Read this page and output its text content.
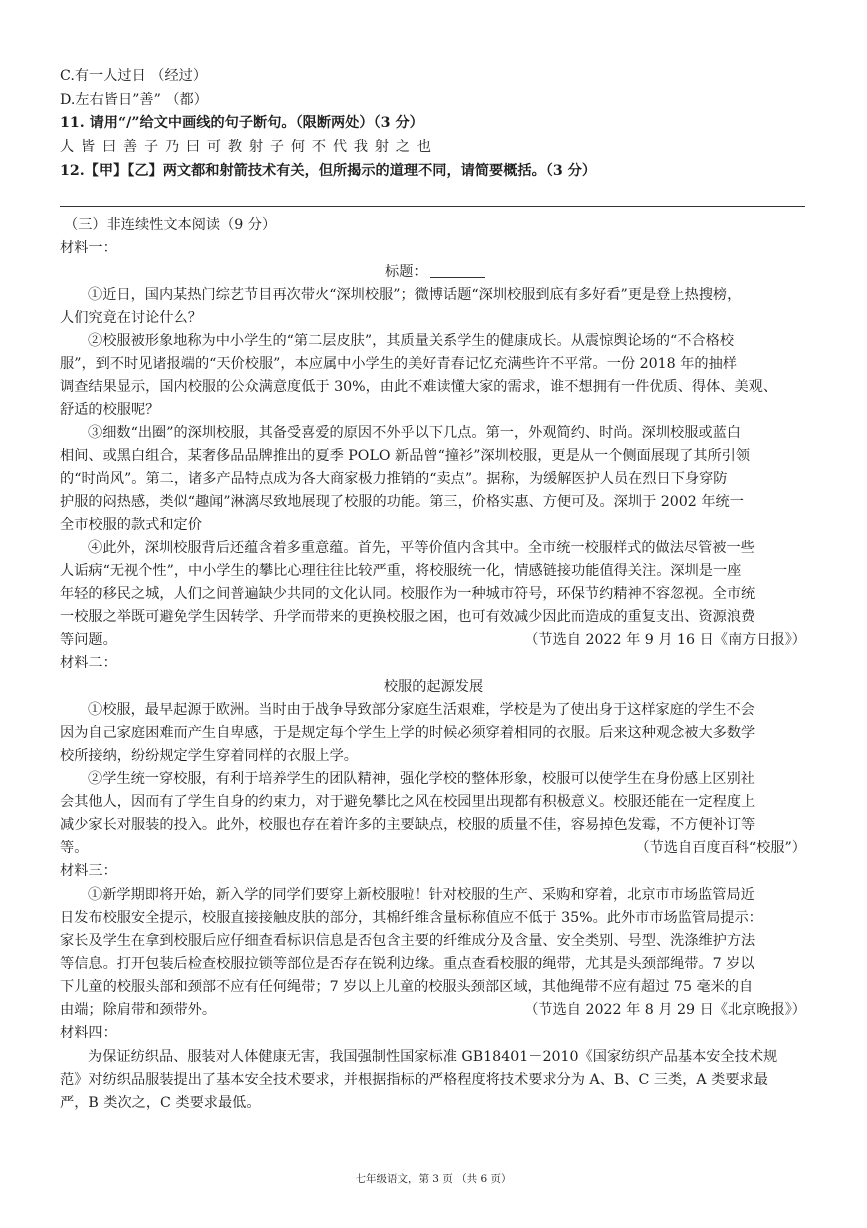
C.有一人过日 （经过）
D.左右皆日”善” （都）
11. 请用“/”给文中画线的句子断句。（限断两处）（3 分）
人皆曰善子乃曰可教射子何不代我射之也
12.【甲】【乙】两文都和射箭技术有关，但所揭示的道理不同，请简要概括。（3 分）
（三）非连续性文本阅读（9 分）
材料一：
标题：
①近日，国内某热门综艺节目再次带火“深圳校服”；微博话题“深圳校服到底有多好看”更是登上热搜榜，
人们究竟在讨论什么？
②校服被形象地称为中小学生的“第二层皮肤”，其质量关系学生的健康成长。从震惊舆论场的“不合格校
服”，到不时见诸报端的“天价校服”，本应属中小学生的美好青春记忆充满些许不平常。一份 2018 年的抽样
调查结果显示，国内校服的公众满意度低于 30%，由此不难读懂大家的需求，谁不想拥有一件优质、得体、美观、
舒适的校服呢？
③细数“出圈”的深圳校服，其备受喜爱的原因不外乎以下几点。第一，外观简约、时尚。深圳校服或蓝白
相间、或黑白组合，某奢侈品品牌推出的夏季 POLO 新品曾“撞衫”深圳校服，更是从一个侧面展现了其所引领
的“时尚风”。第二，诸多产品特点成为各大商家极力推销的“卖点”。据称，为缓解医护人员在烈日下身穿防
护服的闷热感，类似“趣闻”淋漓尽致地展现了校服的功能。第三，价格实惠、方便可及。深圳于 2002 年统一
全市校服的款式和定价
④此外，深圳校服背后还蕴含着多重意蕴。首先，平等价值内含其中。全市统一校服样式的做法尽管被一些
人诟病“无视个性”，中小学生的攀比心理往往比较严重，将校服统一化，情感链接功能值得关注。深圳是一座
年轻的移民之城，人们之间普遍缺少共同的文化认同。校服作为一种城市符号，环保节约精神不容忽视。全市统
一校服之举既可避免学生因转学、升学而带来的更换校服之困，也可有效减少因此而造成的重复支出、资源浪费
等问题。	（节选自 2022 年 9 月 16 日《南方日报》）
材料二：
校服的起源发展
①校服，最早起源于欧洲。当时由于战争导致部分家庭生活艰难，学校是为了使出身于这样家庭的学生不会
因为自己家庭困难而产生自卑感，于是规定每个学生上学的时候必须穿着相同的衣服。后来这种观念被大多数学
校所接纳，纷纷规定学生穿着同样的衣服上学。
②学生统一穿校服，有利于培养学生的团队精神，强化学校的整体形象，校服可以使学生在身份感上区别社
会其他人，因而有了学生自身的约束力，对于避免攀比之风在校园里出现都有积极意义。校服还能在一定程度上
减少家长对服装的投入。此外，校服也存在着许多的主要缺点，校服的质量不佳，容易掉色发霉，不方便补订等
等。	（节选自百度百科“校服”）
材料三：
①新学期即将开始，新入学的同学们要穿上新校服啦！针对校服的生产、采购和穿着，北京市市场监管局近
日发布校服安全提示，校服直接接触皮肤的部分，其棉纤维含量标称值应不低于 35%。此外市市场监管局提示：
家长及学生在拿到校服后应仔细查看标识信息是否包含主要的纤维成分及含量、安全类别、号型、洗涤维护方法
等信息。打开包装后检查校服拉锁等部位是否存在锐利边缘。重点查看校服的绳带，尤其是头颈部绳带。7 岁以
下儿童的校服头部和颈部不应有任何绳带；7 岁以上儿童的校服头颈部区域，其他绳带不应有超过 75 毫米的自
由端；除肩带和颈带外。	（节选自 2022 年 8 月 29 日《北京晚报》）
材料四：
为保证纺织品、服装对人体健康无害，我国强制性国家标准 GB18401－2010《国家纺织产品基本安全技术规
范》对纺织品服装提出了基本安全技术要求，并根据指标的严格程度将技术要求分为 A、B、C 三类，A 类要求最
严，B 类次之，C 类要求最低。
七年级语文，第 3 页 （共 6 页）
